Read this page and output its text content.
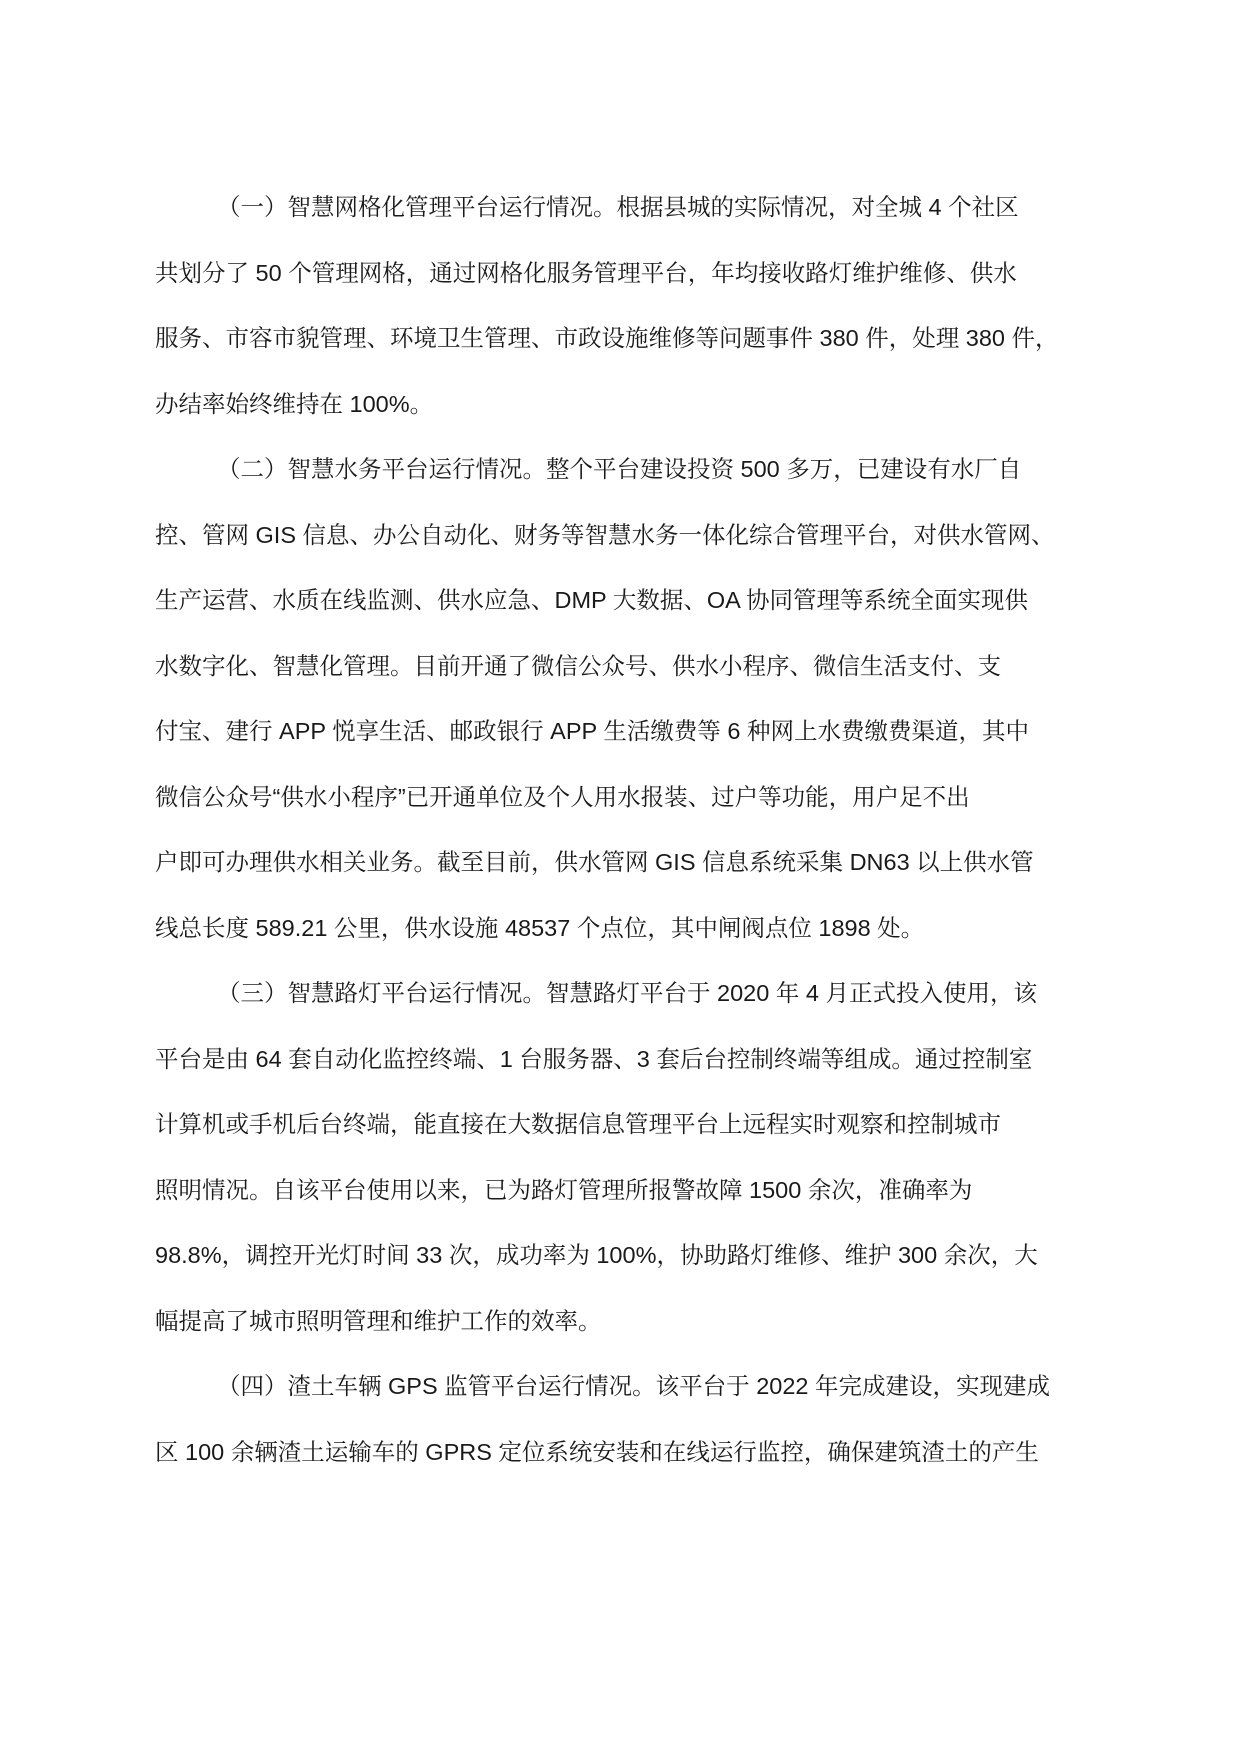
（一）智慧网格化管理平台运行情况。根据县城的实际情况，对全城 4 个社区
共划分了 50 个管理网格，通过网格化服务管理平台，年均接收路灯维护维修、供水
服务、市容市貌管理、环境卫生管理、市政设施维修等问题事件 380 件，处理 380 件，
办结率始终维持在 100%。
（二）智慧水务平台运行情况。整个平台建设投资 500 多万，已建设有水厂自
控、管网 GIS 信息、办公自动化、财务等智慧水务一体化综合管理平台，对供水管网、
生产运营、水质在线监测、供水应急、DMP 大数据、OA 协同管理等系统全面实现供
水数字化、智慧化管理。目前开通了微信公众号、供水小程序、微信生活支付、支
付宝、建行 APP 悦享生活、邮政银行 APP 生活缴费等 6 种网上水费缴费渠道，其中
微信公众号“供水小程序”已开通单位及个人用水报装、过户等功能，用户足不出
户即可办理供水相关业务。截至目前，供水管网 GIS 信息系统采集 DN63 以上供水管
线总长度 589.21 公里，供水设施 48537 个点位，其中闸阀点位 1898 处。
（三）智慧路灯平台运行情况。智慧路灯平台于 2020 年 4 月正式投入使用，该
平台是由 64 套自动化监控终端、1 台服务器、3 套后台控制终端等组成。通过控制室
计算机或手机后台终端，能直接在大数据信息管理平台上远程实时观察和控制城市
照明情况。自该平台使用以来，已为路灯管理所报警故障 1500 余次，准确率为
98.8%，调控开光灯时间 33 次，成功率为 100%，协助路灯维修、维护 300 余次，大
幅提高了城市照明管理和维护工作的效率。
（四）渣土车辆 GPS 监管平台运行情况。该平台于 2022 年完成建设，实现建成
区 100 余辆渣土运输车的 GPRS 定位系统安装和在线运行监控，确保建筑渣土的产生
